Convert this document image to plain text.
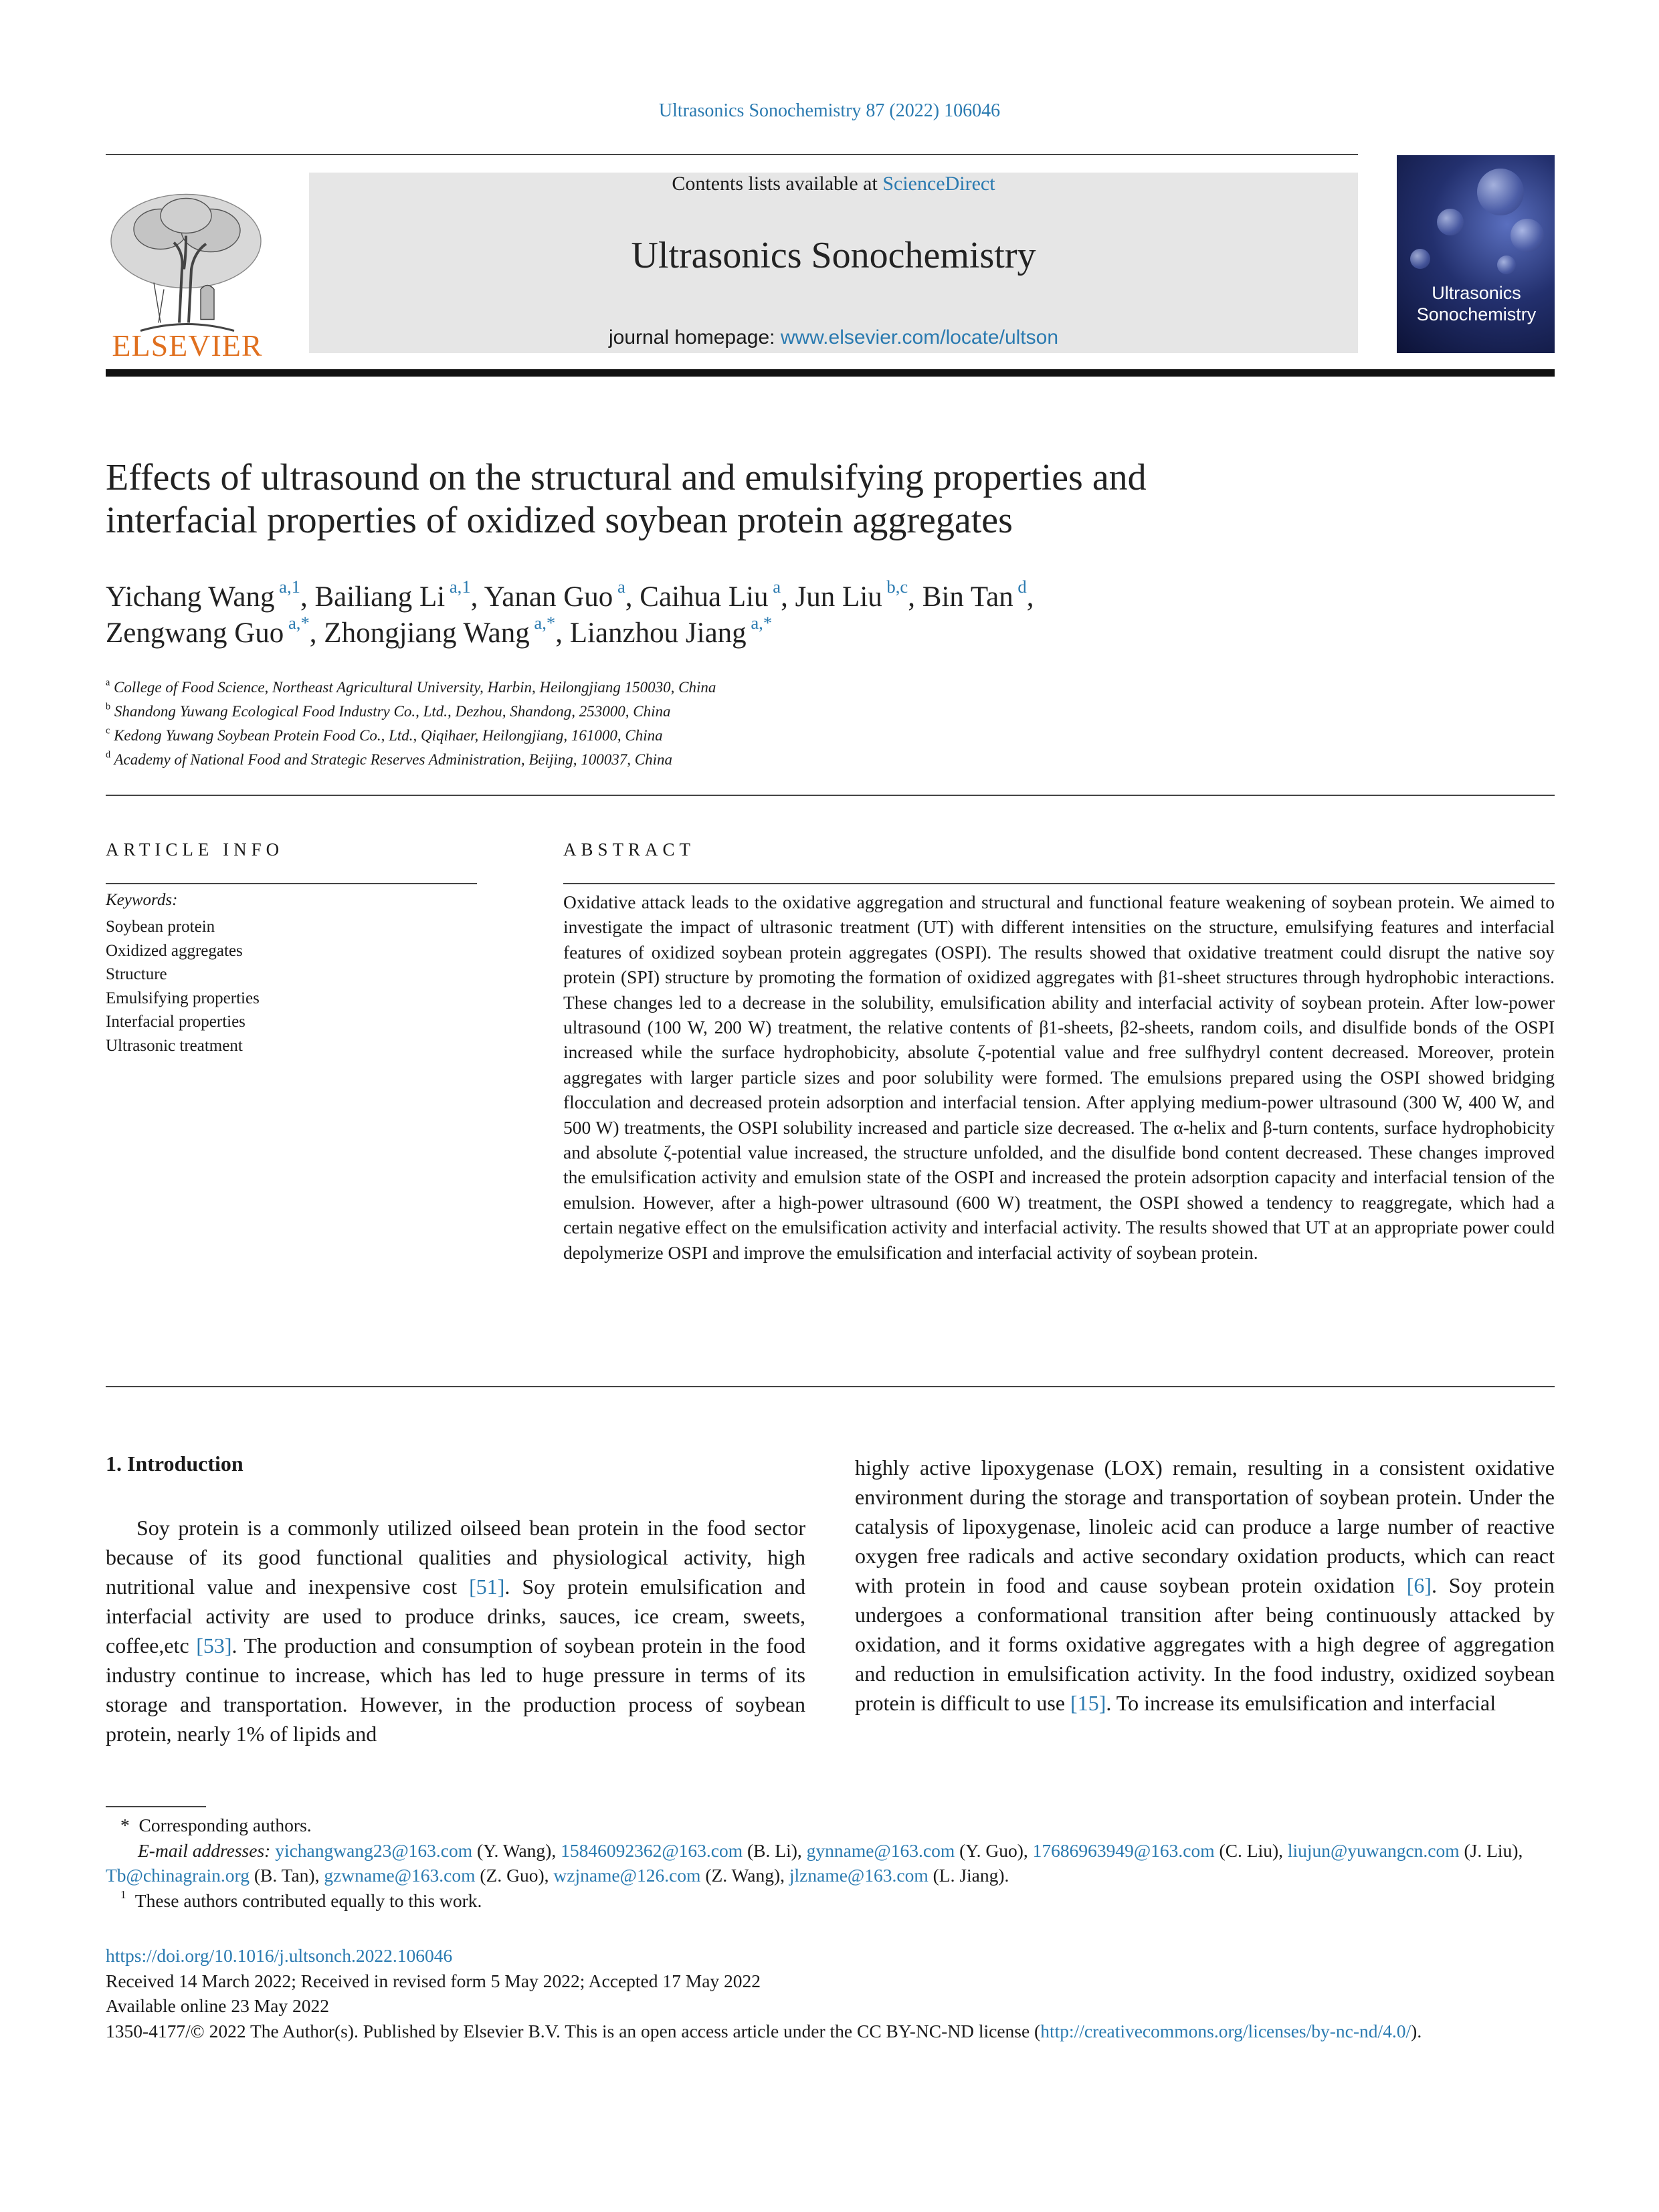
Ultrasonics Sonochemistry 87 (2022) 106046
ELSEVIER
Contents lists available at ScienceDirect
Ultrasonics Sonochemistry
journal homepage: www.elsevier.com/locate/ultson
Ultrasonics
Sonochemistry
Effects of ultrasound on the structural and emulsifying properties and
interfacial properties of oxidized soybean protein aggregates
Yichang Wang $^{a,1}$, Bailiang Li $^{a,1}$, Yanan Guo $^a$, Caihua Liu $^a$, Jun Liu $^{b,c}$, Bin Tan $^d$,
Zengwang Guo $^{a,*}$, Zhongjiang Wang $^{a,*}$, Lianzhou Jiang $^{a,*}$
$^a$ College of Food Science, Northeast Agricultural University, Harbin, Heilongjiang 150030, China
$^b$ Shandong Yuwang Ecological Food Industry Co., Ltd., Dezhou, Shandong, 253000, China
$^c$ Kedong Yuwang Soybean Protein Food Co., Ltd., Qiqihaer, Heilongjiang, 161000, China
$^d$ Academy of National Food and Strategic Reserves Administration, Beijing, 100037, China
ARTICLE INFO
Keywords:
Soybean protein
Oxidized aggregates
Structure
Emulsifying properties
Interfacial properties
Ultrasonic treatment
ABSTRACT
Oxidative attack leads to the oxidative aggregation and structural and functional feature weakening of soybean protein. We aimed to investigate the impact of ultrasonic treatment (UT) with different intensities on the structure, emulsifying features and interfacial features of oxidized soybean protein aggregates (OSPI). The results showed that oxidative treatment could disrupt the native soy protein (SPI) structure by promoting the formation of oxidized aggregates with β1-sheet structures through hydrophobic interactions. These changes led to a decrease in the solubility, emulsification ability and interfacial activity of soybean protein. After low-power ultrasound (100 W, 200 W) treatment, the relative contents of β1-sheets, β2-sheets, random coils, and disulfide bonds of the OSPI increased while the surface hydrophobicity, absolute ζ-potential value and free sulfhydryl content decreased. Moreover, protein aggregates with larger particle sizes and poor solubility were formed. The emulsions prepared using the OSPI showed bridging flocculation and decreased protein adsorption and interfacial tension. After applying medium-power ultrasound (300 W, 400 W, and 500 W) treatments, the OSPI solubility increased and particle size decreased. The α-helix and β-turn contents, surface hydrophobicity and absolute ζ-potential value increased, the structure unfolded, and the disulfide bond content decreased. These changes improved the emulsification activity and emulsion state of the OSPI and increased the protein adsorption capacity and interfacial tension of the emulsion. However, after a high-power ultrasound (600 W) treatment, the OSPI showed a tendency to reaggregate, which had a certain negative effect on the emulsification activity and interfacial activity. The results showed that UT at an appropriate power could depolymerize OSPI and improve the emulsification and interfacial activity of soybean protein.
1. Introduction
Soy protein is a commonly utilized oilseed bean protein in the food sector because of its good functional qualities and physiological activity, high nutritional value and inexpensive cost [51]. Soy protein emulsification and interfacial activity are used to produce drinks, sauces, ice cream, sweets, coffee,etc [53]. The production and consumption of soybean protein in the food industry continue to increase, which has led to huge pressure in terms of its storage and transportation. However, in the production process of soybean protein, nearly 1% of lipids and
highly active lipoxygenase (LOX) remain, resulting in a consistent oxidative environment during the storage and transportation of soybean protein. Under the catalysis of lipoxygenase, linoleic acid can produce a large number of reactive oxygen free radicals and active secondary oxidation products, which can react with protein in food and cause soybean protein oxidation [6]. Soy protein undergoes a conformational transition after being continuously attacked by oxidation, and it forms oxidative aggregates with a high degree of aggregation and reduction in emulsification activity. In the food industry, oxidized soybean protein is difficult to use [15]. To increase its emulsification and interfacial
* Corresponding authors.
E-mail addresses: yichangwang23@163.com (Y. Wang), 15846092362@163.com (B. Li), gynname@163.com (Y. Guo), 17686963949@163.com (C. Liu), liujun@yuwangcn.com (J. Liu), Tb@chinagrain.org (B. Tan), gzwname@163.com (Z. Guo), wzjname@126.com (Z. Wang), jlzname@163.com (L. Jiang).
$^1$ These authors contributed equally to this work.
https://doi.org/10.1016/j.ultsonch.2022.106046
Received 14 March 2022; Received in revised form 5 May 2022; Accepted 17 May 2022
Available online 23 May 2022
1350-4177/© 2022 The Author(s). Published by Elsevier B.V. This is an open access article under the CC BY-NC-ND license (http://creativecommons.org/licenses/by-nc-nd/4.0/).
